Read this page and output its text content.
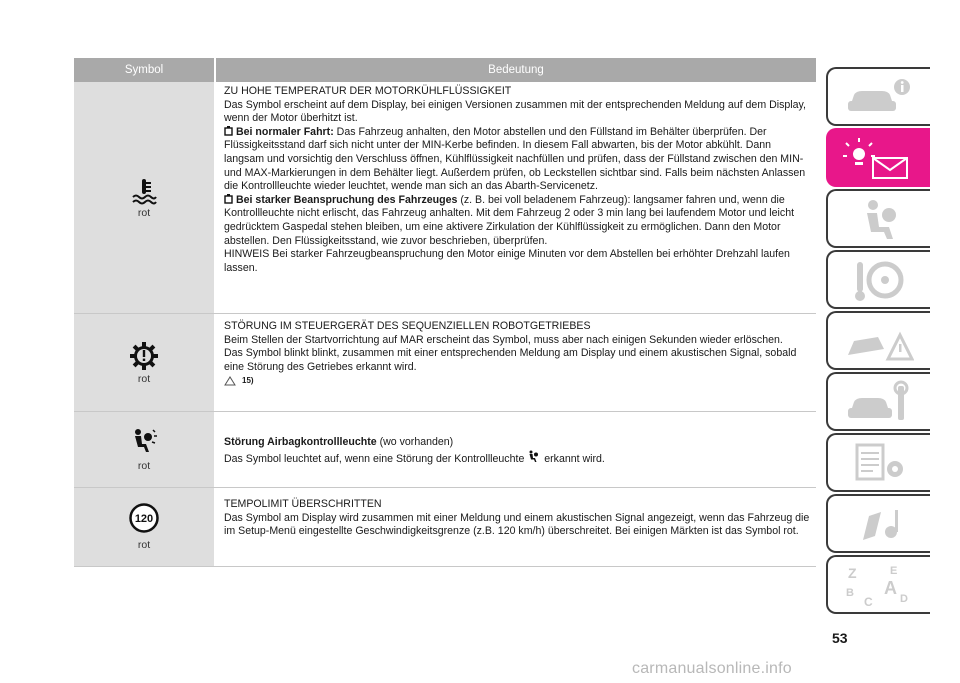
Symbol	Bedeutung
rot

ZU HOHE TEMPERATUR DER MOTORKÜHLFLÜSSIGKEIT

Das Symbol erscheint auf dem Display, bei einigen Versionen zusammen mit der entsprechenden Meldung auf dem Display, wenn der Motor überhitzt ist.

Bei normaler Fahrt: Das Fahrzeug anhalten, den Motor abstellen und den Füllstand im Behälter überprüfen. Der Flüssigkeitsstand darf sich nicht unter der MIN-Kerbe befinden. In diesem Fall abwarten, bis der Motor abkühlt. Dann langsam und vorsichtig den Verschluss öffnen, Kühlflüssigkeit nachfüllen und prüfen, dass der Füllstand zwischen den MIN- und MAX-Markierungen in dem Behälter liegt. Außerdem prüfen, ob Leckstellen sichtbar sind. Falls beim nächsten Anlassen die Kontrollleuchte wieder leuchtet, wende man sich an das Abarth-Servicenetz.

Bei starker Beanspruchung des Fahrzeuges (z. B. bei voll beladenem Fahrzeug): langsamer fahren und, wenn die Kontrollleuchte nicht erlischt, das Fahrzeug anhalten. Mit dem Fahrzeug 2 oder 3 min lang bei laufendem Motor und leicht gedrücktem Gaspedal stehen bleiben, um eine aktivere Zirkulation der Kühlflüssigkeit zu ermöglichen. Dann den Motor abstellen. Den Flüssigkeitsstand, wie zuvor beschrieben, überprüfen.

HINWEIS Bei starker Fahrzeugbeanspruchung den Motor einige Minuten vor dem Abstellen bei erhöhter Drehzahl laufen lassen.

rot

STÖRUNG IM STEUERGERÄT DES SEQUENZIELLEN ROBOTGETRIEBES

Beim Stellen der Startvorrichtung auf MAR erscheint das Symbol, muss aber nach einigen Sekunden wieder erlöschen.

Das Symbol blinkt blinkt, zusammen mit einer entsprechenden Meldung am Display und einem akustischen Signal, sobald eine Störung des Getriebes erkannt wird.

15)

rot

Störung Airbagkontrollleuchte (wo vorhanden)

Das Symbol leuchtet auf, wenn eine Störung der Kontrollleuchte  erkannt wird.

120
rot

TEMPOLIMIT ÜBERSCHRITTEN

Das Symbol am Display wird zusammen mit einer Meldung und einem akustischen Signal angezeigt, wenn das Fahrzeug die im Setup-Menü eingestellte Geschwindigkeitsgrenze (z.B. 120 km/h) überschreitet. Bei einigen Märkten ist das Symbol rot.

Z	E
B A
C D
53
carmanualsonline.info
